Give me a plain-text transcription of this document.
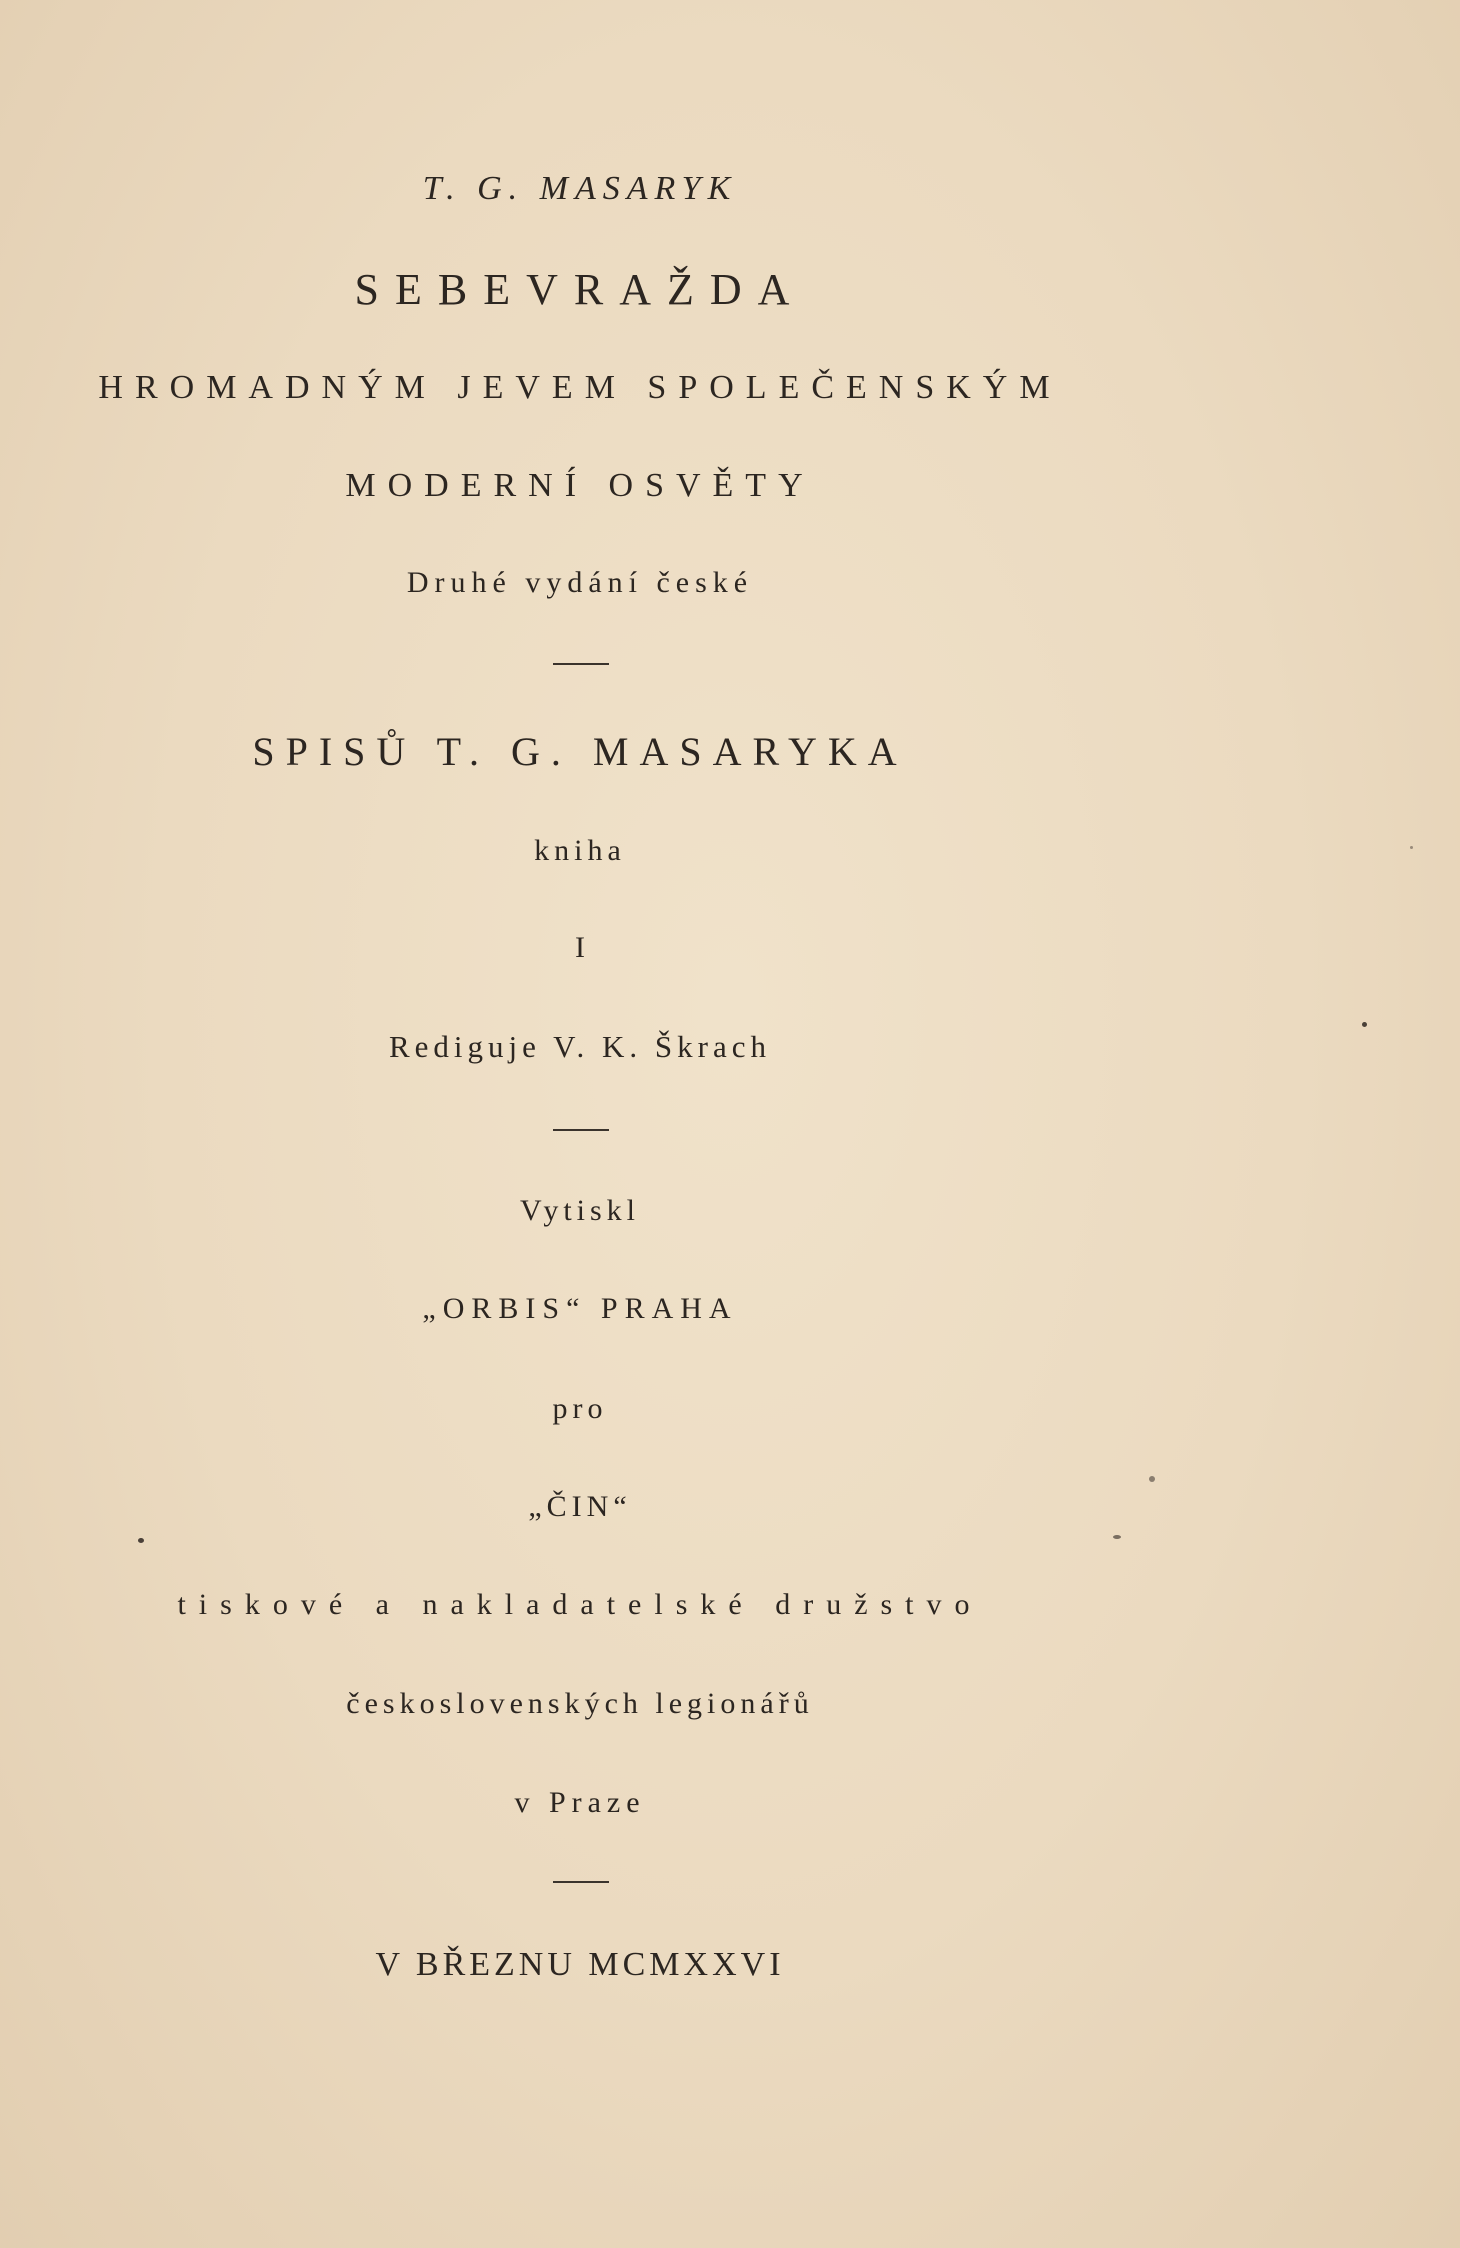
T. G. MASARYK
SEBEVRAŽDA
HROMADNÝM JEVEM SPOLEČENSKÝM
MODERNÍ OSVĚTY
Druhé vydání české
SPISŮ T. G. MASARYKA
kniha
I
Rediguje V. K. Škrach
Vytiskl
„ORBIS“ PRAHA
pro
„ČIN“
tiskové a nakladatelské družstvo
československých legionářů
v Praze
V BŘEZNU MCMXXVI
